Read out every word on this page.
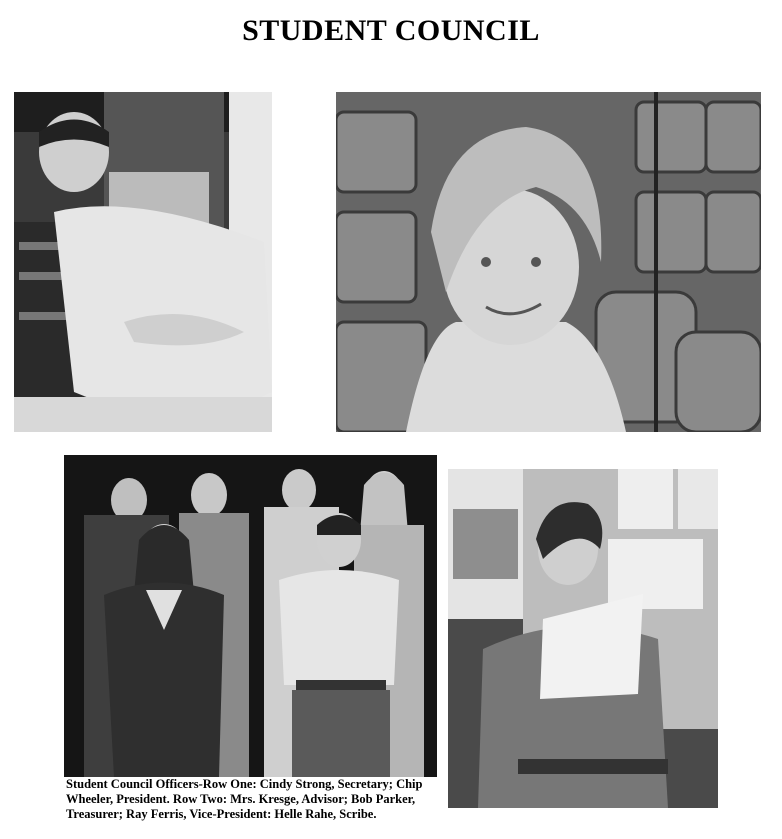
STUDENT COUNCIL
Student Council Officers-Row One: Cindy Strong, Secretary; Chip Wheeler, President. Row Two: Mrs. Kresge, Advisor; Bob Parker, Treasurer; Ray Ferris, Vice-President: Helle Rahe, Scribe.
